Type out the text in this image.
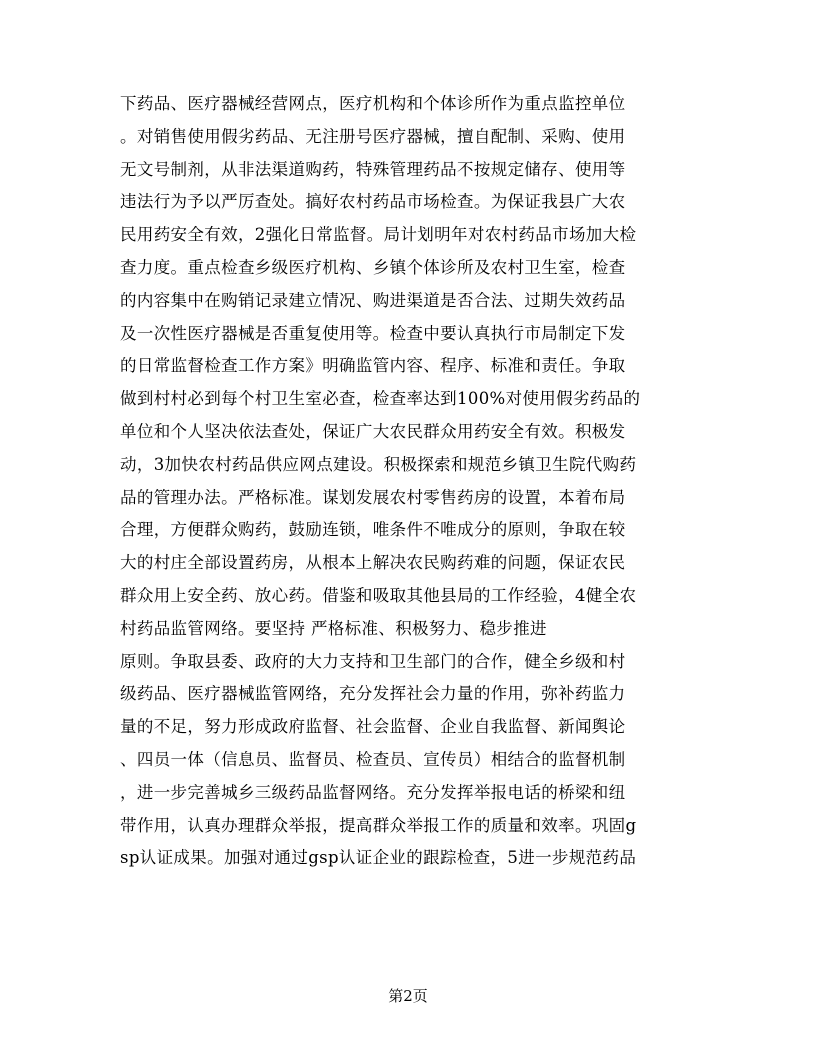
下药品、医疗器械经营网点，医疗机构和个体诊所作为重点监控单位
。对销售使用假劣药品、无注册号医疗器械，擅自配制、采购、使用
无文号制剂，从非法渠道购药，特殊管理药品不按规定储存、使用等
违法行为予以严厉查处。搞好农村药品市场检查。为保证我县广大农
民用药安全有效，2强化日常监督。局计划明年对农村药品市场加大检
查力度。重点检查乡级医疗机构、乡镇个体诊所及农村卫生室，检查
的内容集中在购销记录建立情况、购进渠道是否合法、过期失效药品
及一次性医疗器械是否重复使用等。检查中要认真执行市局制定下发
的日常监督检查工作方案》明确监管内容、程序、标准和责任。争取
做到村村必到每个村卫生室必查，检查率达到100%对使用假劣药品的
单位和个人坚决依法查处，保证广大农民群众用药安全有效。积极发
动，3加快农村药品供应网点建设。积极探索和规范乡镇卫生院代购药
品的管理办法。严格标准。谋划发展农村零售药房的设置，本着布局
合理，方便群众购药，鼓励连锁，唯条件不唯成分的原则，争取在较
大的村庄全部设置药房，从根本上解决农民购药难的问题，保证农民
群众用上安全药、放心药。借鉴和吸取其他县局的工作经验，4健全农
村药品监管网络。要坚持 严格标准、积极努力、稳步推进
原则。争取县委、政府的大力支持和卫生部门的合作，健全乡级和村
级药品、医疗器械监管网络，充分发挥社会力量的作用，弥补药监力
量的不足，努力形成政府监督、社会监督、企业自我监督、新闻舆论
、四员一体（信息员、监督员、检查员、宣传员）相结合的监督机制
，进一步完善城乡三级药品监督网络。充分发挥举报电话的桥梁和纽
带作用，认真办理群众举报，提高群众举报工作的质量和效率。巩固g
sp认证成果。加强对通过gsp认证企业的跟踪检查，5进一步规范药品
第2页
